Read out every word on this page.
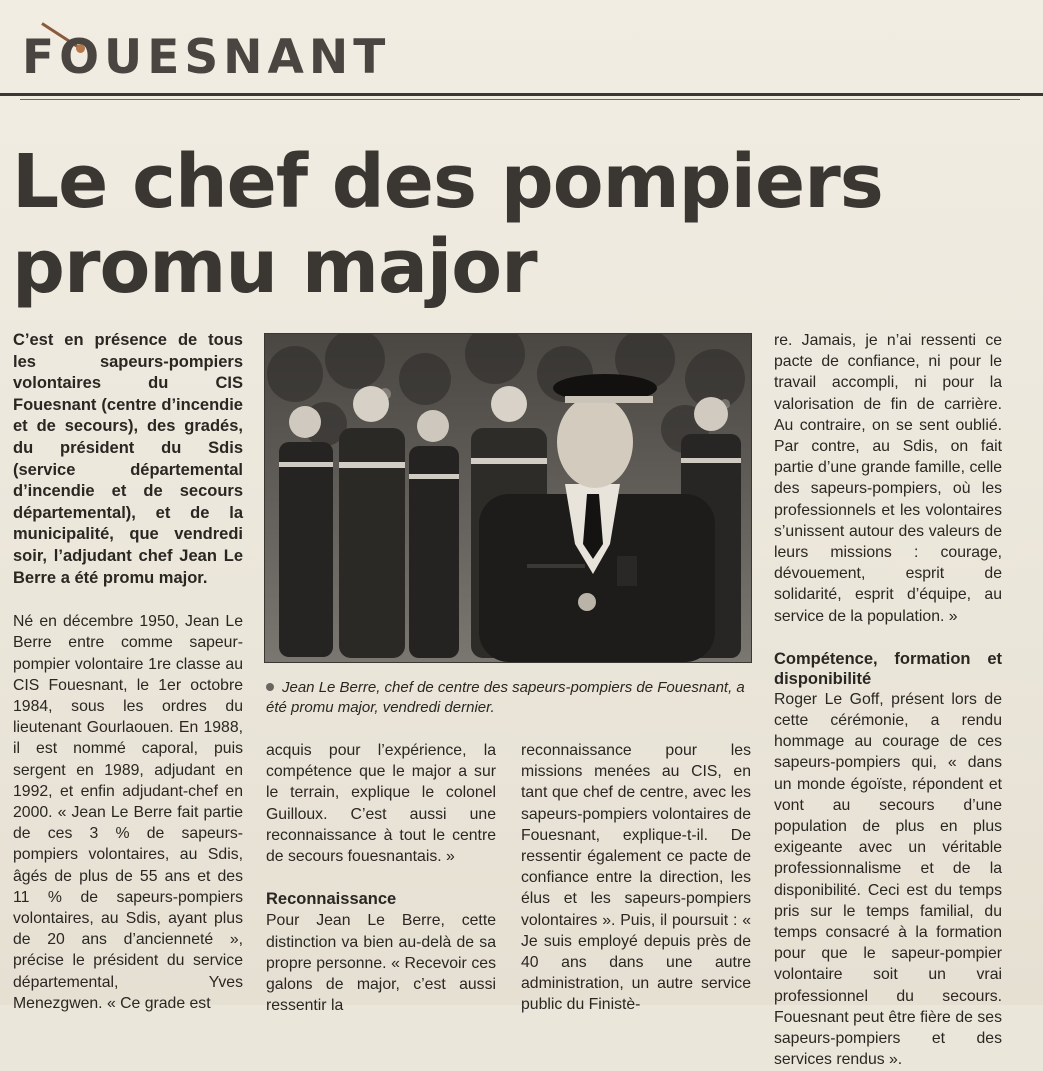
FOUESNANT
Le chef des pompiers
promu major

C’est en présence de tous les sapeurs-pompiers volontaires du CIS Fouesnant (centre d’incendie et de secours), des gradés, du président du Sdis (service départemental d’incendie et de secours départemental), et de la municipalité, que vendredi soir, l’adjudant chef Jean Le Berre a été promu major.

Né en décembre 1950, Jean Le Berre entre comme sapeur-pompier volontaire 1re classe au CIS Fouesnant, le 1er octobre 1984, sous les ordres du lieutenant Gourlaouen. En 1988, il est nommé caporal, puis sergent en 1989, adjudant en 1992, et enfin adjudant-chef en 2000. « Jean Le Berre fait partie de ces 3 % de sapeurs-pompiers volontaires, au Sdis, âgés de plus de 55 ans et des 11 % de sapeurs-pompiers volontaires, au Sdis, ayant plus de 20 ans d’ancienneté », précise le président du service départemental, Yves Menezgwen. « Ce grade est

Jean Le Berre, chef de centre des sapeurs-pompiers de Fouesnant, a été promu major, vendredi dernier.

acquis pour l’expérience, la compétence que le major a sur le terrain, explique le colonel Guilloux. C’est aussi une reconnaissance à tout le centre de secours fouesnantais. »

Reconnaissance

Pour Jean Le Berre, cette distinction va bien au-delà de sa propre personne. « Recevoir ces galons de major, c’est aussi ressentir la

reconnaissance pour les missions menées au CIS, en tant que chef de centre, avec les sapeurs-pompiers volontaires de Fouesnant, explique-t-il. De ressentir également ce pacte de confiance entre la direction, les élus et les sapeurs-pompiers volontaires ». Puis, il poursuit : « Je suis employé depuis près de 40 ans dans une autre administration, un autre service public du Finistè-

re. Jamais, je n’ai ressenti ce pacte de confiance, ni pour le travail accompli, ni pour la valorisation de fin de carrière. Au contraire, on se sent oublié. Par contre, au Sdis, on fait partie d’une grande famille, celle des sapeurs-pompiers, où les professionnels et les volontaires s’unissent autour des valeurs de leurs missions : courage, dévouement, esprit de solidarité, esprit d’équipe, au service de la population. »

Compétence, formation et disponibilité

Roger Le Goff, présent lors de cette cérémonie, a rendu hommage au courage de ces sapeurs-pompiers qui, « dans un monde égoïste, répondent et vont au secours d’une population de plus en plus exigeante avec un véritable professionnalisme et de la disponibilité. Ceci est du temps pris sur le temps familial, du temps consacré à la formation pour que le sapeur-pompier volontaire soit un vrai professionnel du secours. Fouesnant peut être fière de ses sapeurs-pompiers et des services rendus ».
